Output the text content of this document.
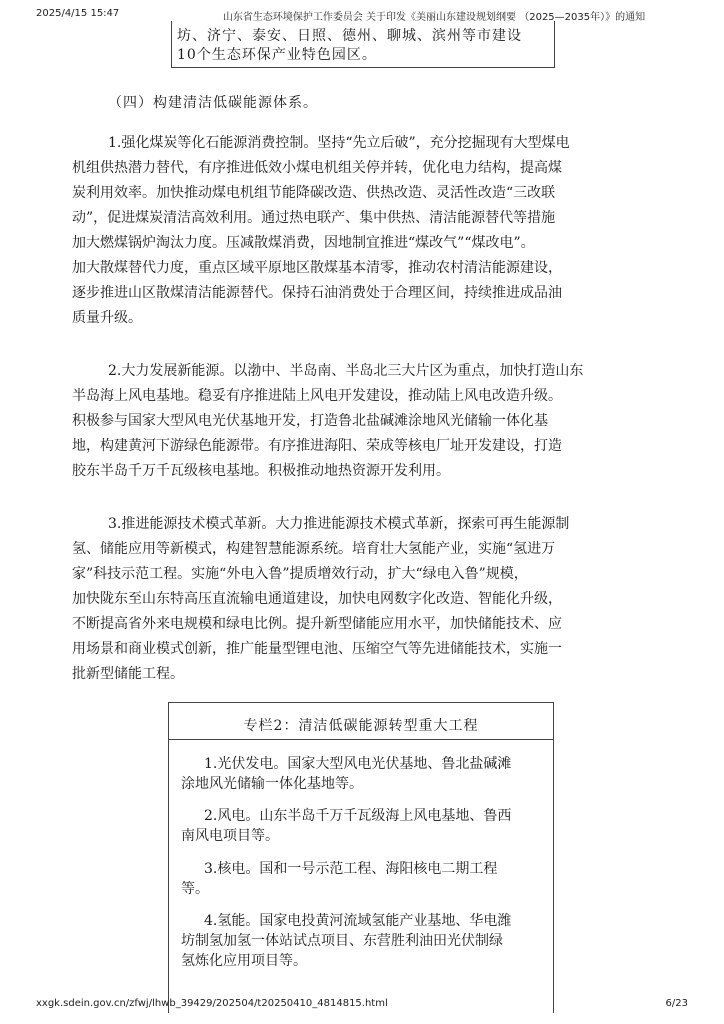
2025/4/15 15:47	山东省生态环境保护工作委员会 关于印发《美丽山东建设规划纲要 （2025—2035年）》的通知
坊、济宁、泰安、日照、德州、聊城、滨州等市建设
10个生态环保产业特色园区。
（四）构建清洁低碳能源体系。
1.强化煤炭等化石能源消费控制。坚持“先立后破”，充分挖掘现有大型煤电
机组供热潜力替代，有序推进低效小煤电机组关停并转，优化电力结构，提高煤
炭利用效率。加快推动煤电机组节能降碳改造、供热改造、灵活性改造“三改联
动”，促进煤炭清洁高效利用。通过热电联产、集中供热、清洁能源替代等措施
加大燃煤锅炉淘汰力度。压减散煤消费，因地制宜推进“煤改气”“煤改电”。
加大散煤替代力度，重点区域平原地区散煤基本清零，推动农村清洁能源建设，
逐步推进山区散煤清洁能源替代。保持石油消费处于合理区间，持续推进成品油
质量升级。
2.大力发展新能源。以渤中、半岛南、半岛北三大片区为重点，加快打造山东
半岛海上风电基地。稳妥有序推进陆上风电开发建设，推动陆上风电改造升级。
积极参与国家大型风电光伏基地开发，打造鲁北盐碱滩涂地风光储输一体化基
地，构建黄河下游绿色能源带。有序推进海阳、荣成等核电厂址开发建设，打造
胶东半岛千万千瓦级核电基地。积极推动地热资源开发利用。
3.推进能源技术模式革新。大力推进能源技术模式革新，探索可再生能源制
氢、储能应用等新模式，构建智慧能源系统。培育壮大氢能产业，实施“氢进万
家”科技示范工程。实施“外电入鲁”提质增效行动，扩大“绿电入鲁”规模，
加快陇东至山东特高压直流输电通道建设，加快电网数字化改造、智能化升级，
不断提高省外来电规模和绿电比例。提升新型储能应用水平，加快储能技术、应
用场景和商业模式创新，推广能量型锂电池、压缩空气等先进储能技术，实施一
批新型储能工程。
专栏2：清洁低碳能源转型重大工程
1.光伏发电。国家大型风电光伏基地、鲁北盐碱滩
涂地风光储输一体化基地等。
2.风电。山东半岛千万千瓦级海上风电基地、鲁西
南风电项目等。
3.核电。国和一号示范工程、海阳核电二期工程
等。
4.氢能。国家电投黄河流域氢能产业基地、华电潍
坊制氢加氢一体站试点项目、东营胜利油田光伏制绿
氢炼化应用项目等。
xxgk.sdein.gov.cn/zfwj/lhwb_39429/202504/t20250410_4814815.html	6/23
